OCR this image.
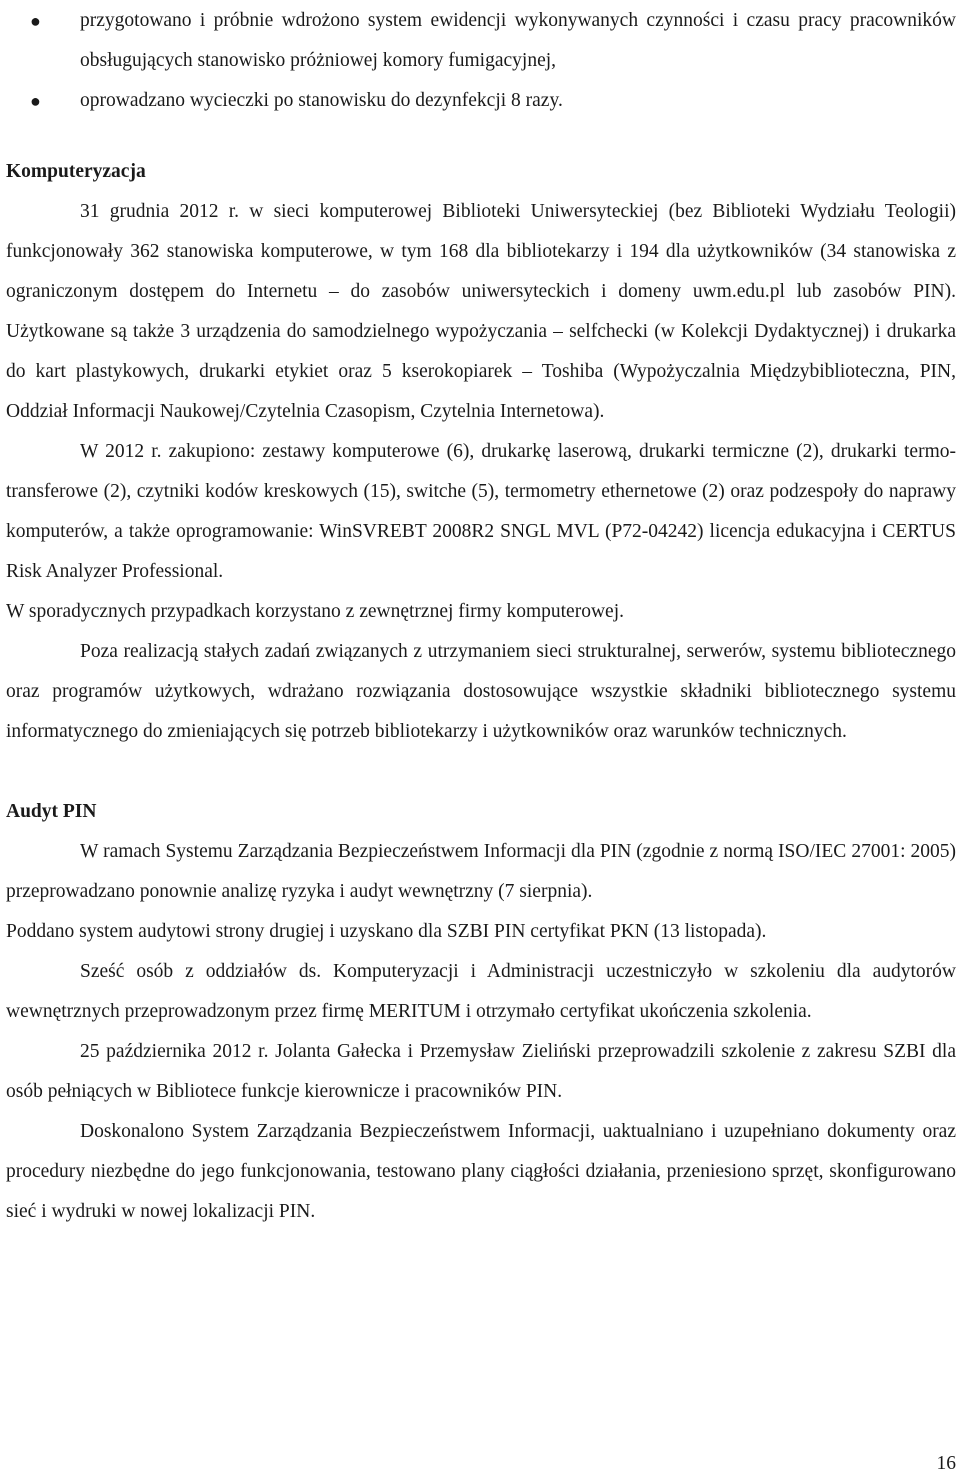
● przygotowano i próbnie wdrożono system ewidencji wykonywanych czynności i czasu pracy pracowników obsługujących stanowisko próżniowej komory fumigacyjnej,
● oprowadzano wycieczki po stanowisku do dezynfekcji 8 razy.
Komputeryzacja

31 grudnia 2012 r. w sieci komputerowej Biblioteki Uniwersyteckiej (bez Biblioteki Wydziału Teologii) funkcjonowały 362 stanowiska komputerowe, w tym 168 dla bibliotekarzy i 194 dla użytkowników (34 stanowiska z ograniczonym dostępem do Internetu – do zasobów uniwersyteckich i domeny uwm.edu.pl lub zasobów PIN). Użytkowane są także 3 urządzenia do samodzielnego wypożyczania – selfchecki (w Kolekcji Dydaktycznej) i drukarka do kart plastykowych, drukarki etykiet oraz 5 kserokopiarek – Toshiba (Wypożyczalnia Międzybiblioteczna, PIN, Oddział Informacji Naukowej/Czytelnia Czasopism, Czytelnia Internetowa).

W 2012 r. zakupiono: zestawy komputerowe (6), drukarkę laserową, drukarki termiczne (2), drukarki termo-transferowe (2), czytniki kodów kreskowych (15), switche (5), termometry ethernetowe (2) oraz podzespoły do naprawy komputerów, a także oprogramowanie: WinSVREBT 2008R2 SNGL MVL (P72-04242) licencja edukacyjna i CERTUS Risk Analyzer Professional.

W sporadycznych przypadkach korzystano z zewnętrznej firmy komputerowej.

Poza realizacją stałych zadań związanych z utrzymaniem sieci strukturalnej, serwerów, systemu bibliotecznego oraz programów użytkowych, wdrażano rozwiązania dostosowujące wszystkie składniki bibliotecznego systemu informatycznego do zmieniających się potrzeb bibliotekarzy i użytkowników oraz warunków technicznych.

Audyt PIN

W ramach Systemu Zarządzania Bezpieczeństwem Informacji dla PIN (zgodnie z normą ISO/IEC 27001: 2005) przeprowadzano ponownie analizę ryzyka i audyt wewnętrzny (7 sierpnia).

Poddano system audytowi strony drugiej i uzyskano dla SZBI PIN certyfikat PKN (13 listopada).

Sześć osób z oddziałów ds. Komputeryzacji i Administracji uczestniczyło w szkoleniu dla audytorów wewnętrznych przeprowadzonym przez firmę MERITUM i otrzymało certyfikat ukończenia szkolenia.

25 października 2012 r. Jolanta Gałecka i Przemysław Zieliński przeprowadzili szkolenie z zakresu SZBI dla osób pełniących w Bibliotece funkcje kierownicze i pracowników PIN.

Doskonalono System Zarządzania Bezpieczeństwem Informacji, uaktualniano i uzupełniano dokumenty oraz procedury niezbędne do jego funkcjonowania, testowano plany ciągłości działania, przeniesiono sprzęt, skonfigurowano sieć i wydruki w nowej lokalizacji PIN.

16
